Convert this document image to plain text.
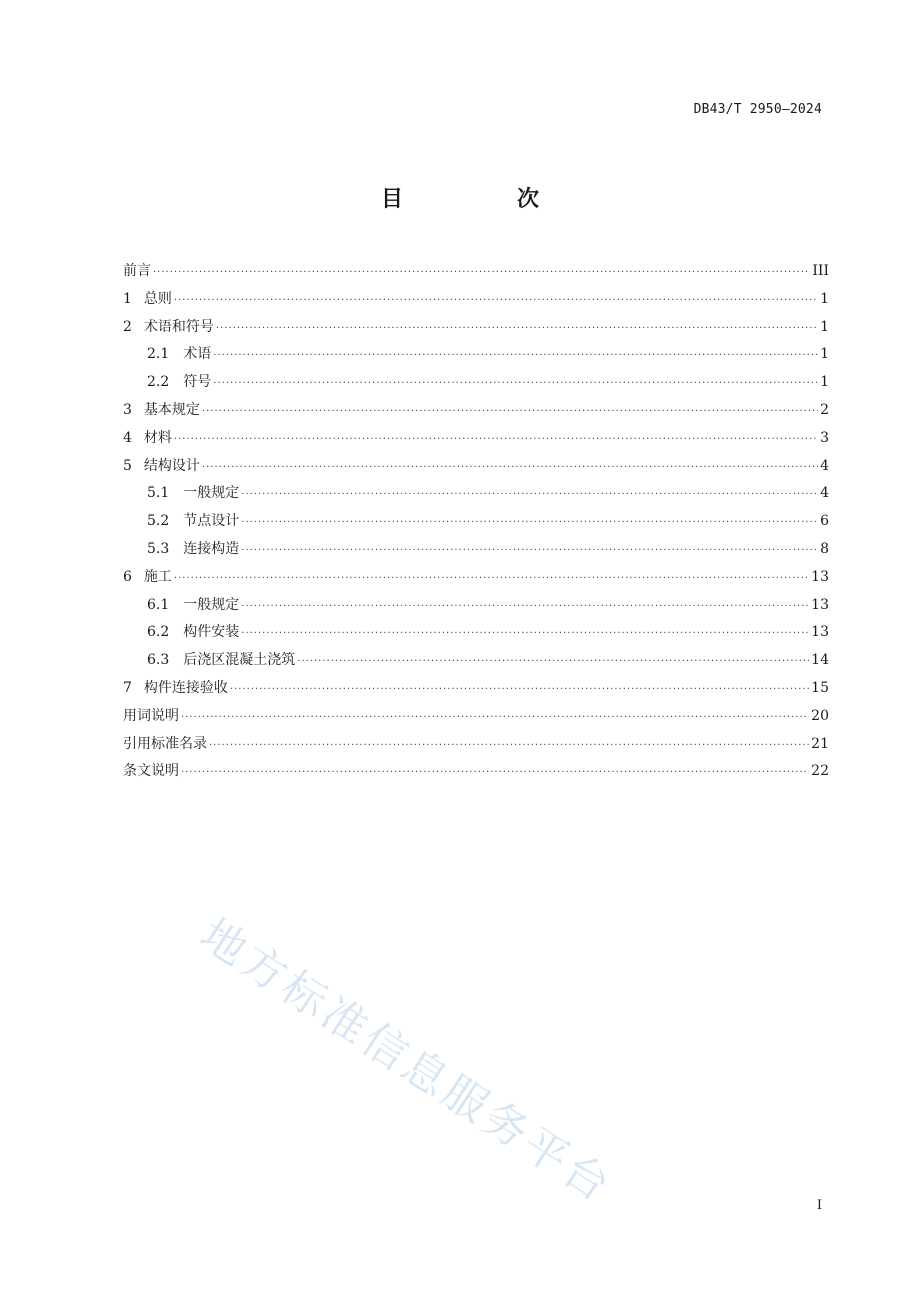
DB43/T 2950—2024
目　次
前言 ·····	III
1 总则 ·····	1
2 术语和符号 ·····	1
2.1 术语 ·····	1
2.2 符号 ·····	1
3 基本规定 ·····	2
4 材料 ·····	3
5 结构设计 ·····	4
5.1 一般规定 ·····	4
5.2 节点设计 ·····	6
5.3 连接构造 ·····	8
6 施工 ·····	13
6.1 一般规定 ·····	13
6.2 构件安装 ·····	13
6.3 后浇区混凝土浇筑 ·····	14
7 构件连接验收 ·····	15
用词说明 ·····	20
引用标准名录 ·····	21
条文说明 ·····	22
地方标准信息服务平台	I
